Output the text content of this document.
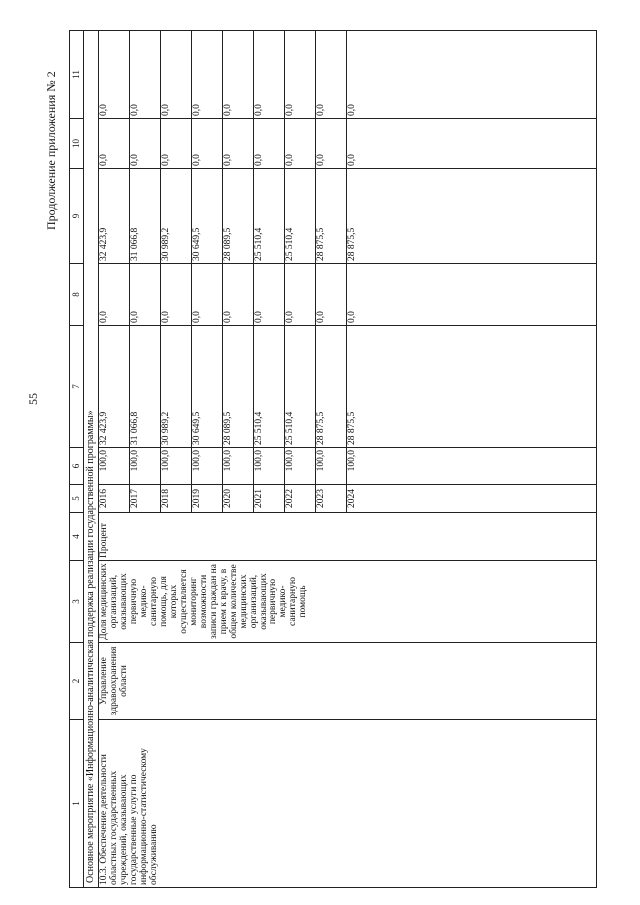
55
Продолжение приложения № 2
1	2	3	4	5	6	7	8	9	10	11
Основное мероприятие «Информационно-аналитическая поддержка реализации государственной программы»										
10.3. Обеспечение деятельности областных государственных учреждений, оказывающих государственные услуги по информационно-статистическому обслуживанию	Управление здравоохранения области	Доля медицинских организаций, оказывающих первичную медико-санитарную помощь, для которых осуществляется мониторинг возможности записи граждан на прием к врачу, в общем количестве медицинских организаций, оказывающих первичную медико-санитарную помощь	Процент	2016	100,0	32 423,9	0,0	32 423,9	0,0	0,0
				2017	100,0	31 066,8	0,0	31 066,8	0,0	0,0
				2018	100,0	30 989,2	0,0	30 989,2	0,0	0,0
				2019	100,0	30 649,5	0,0	30 649,5	0,0	0,0
				2020	100,0	28 089,5	0,0	28 089,5	0,0	0,0
				2021	100,0	25 510,4	0,0	25 510,4	0,0	0,0
				2022	100,0	25 510,4	0,0	25 510,4	0,0	0,0
				2023	100,0	28 875,5	0,0	28 875,5	0,0	0,0
				2024	100,0	28 875,5	0,0	28 875,5	0,0	0,0
